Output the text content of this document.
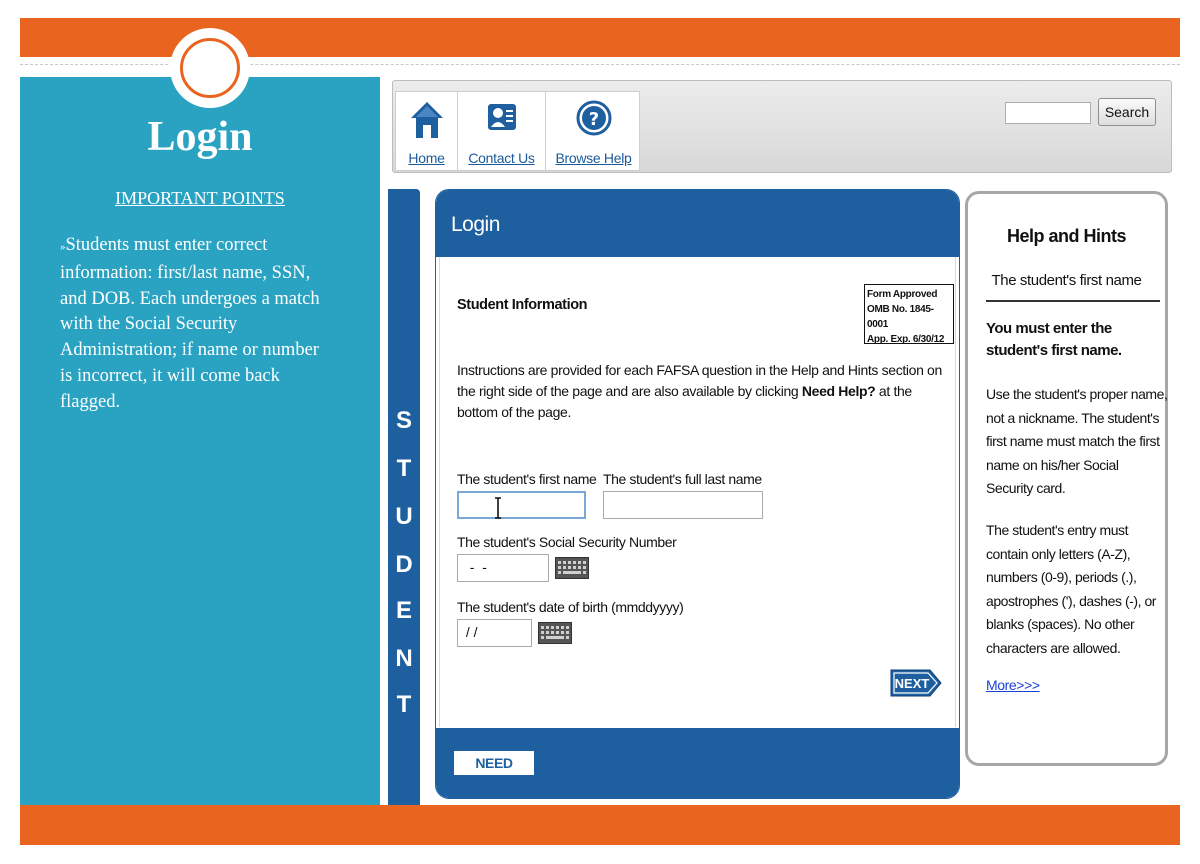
Login
IMPORTANT POINTS
»Students must enter correct information: first/last name, SSN, and DOB. Each undergoes a match with the Social Security Administration; if name or number is incorrect, it will come back flagged.
Home	Contact Us
?
Browse Help
Search
S
T
U
D
E
N
T
Login
Student Information
Form Approved
OMB No. 1845-0001
App. Exp. 6/30/12
Instructions are provided for each FAFSA question in the Help and Hints section on the right side of the page and are also available by clicking Need Help? at the bottom of the page.
The student's first name The student's full last name
The student's Social Security Number
-  -
The student's date of birth (mmddyyyy)
/ /
NEXT
NEED HELP?
Help and Hints
The student's first name
You must enter the student's first name.
Use the student's proper name, not a nickname. The student's first name must match the first name on his/her Social Security card.
The student's entry must contain only letters (A-Z), numbers (0-9), periods (.), apostrophes ('), dashes (-), or blanks (spaces). No other characters are allowed.
More>>>
